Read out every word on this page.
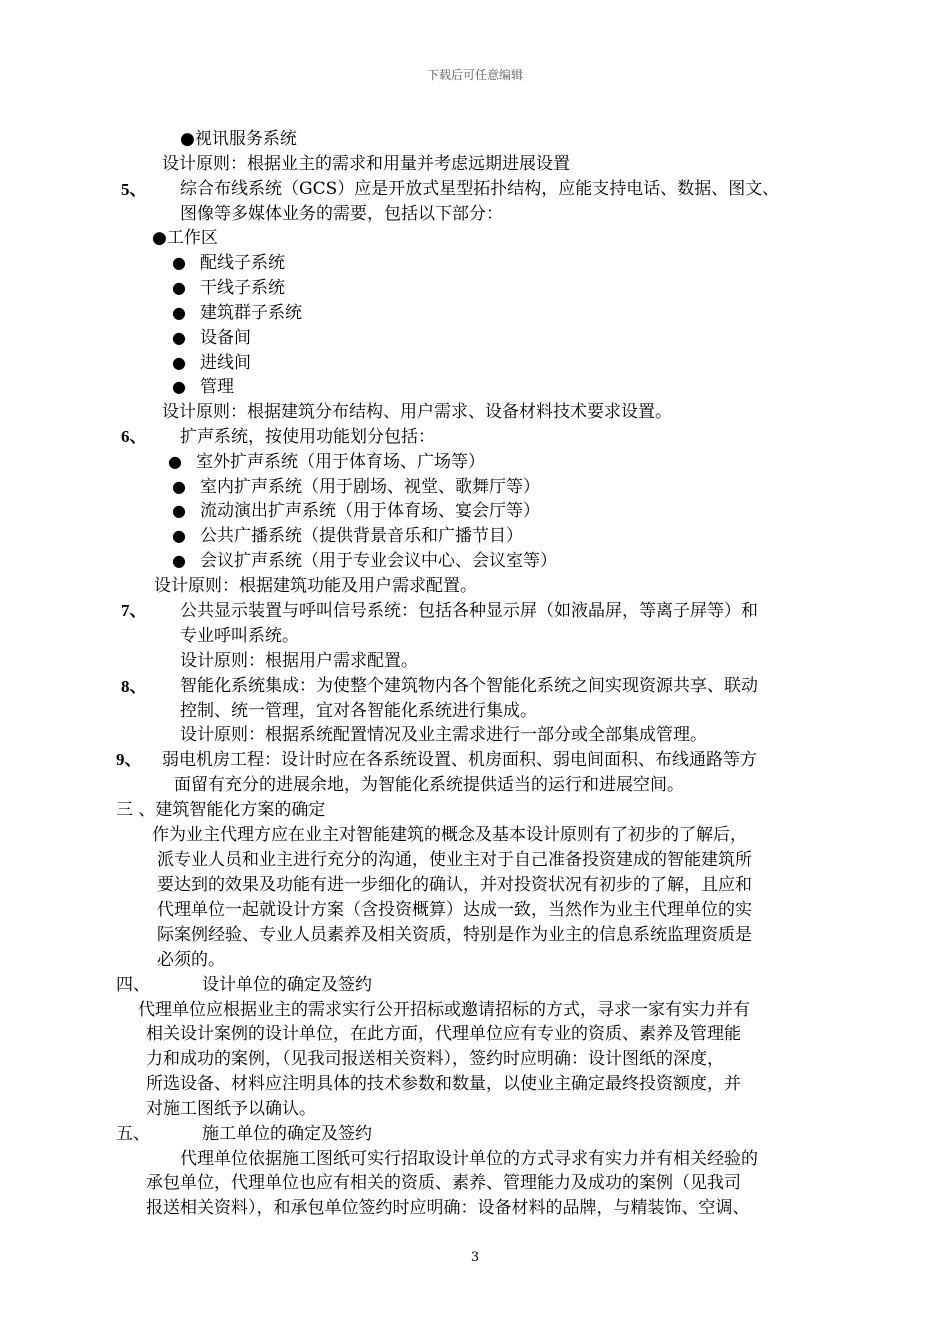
下载后可任意编辑
5、
6、
7、
8、
9、
四、
五、
●
●
●
●
●
●
●
●
●
●
●
●视讯服务系统
设计原则：根据业主的需求和用量并考虑远期进展设置
综合布线系统（GCS）应是开放式星型拓扑结构，应能支持电话、数据、图文、
图像等多媒体业务的需要，包括以下部分：
●工作区
配线子系统
干线子系统
建筑群子系统
设备间
进线间
管理
设计原则：根据建筑分布结构、用户需求、设备材料技术要求设置。
扩声系统，按使用功能划分包括：
室外扩声系统（用于体育场、广场等）
室内扩声系统（用于剧场、视堂、歌舞厅等）
流动演出扩声系统（用于体育场、宴会厅等）
公共广播系统（提供背景音乐和广播节目）
会议扩声系统（用于专业会议中心、会议室等）
设计原则：根据建筑功能及用户需求配置。
公共显示装置与呼叫信号系统：包括各种显示屏（如液晶屏，等离子屏等）和
专业呼叫系统。
设计原则：根据用户需求配置。
智能化系统集成：为使整个建筑物内各个智能化系统之间实现资源共享、联动
控制、统一管理，宜对各智能化系统进行集成。
设计原则：根据系统配置情况及业主需求进行一部分或全部集成管理。
弱电机房工程：设计时应在各系统设置、机房面积、弱电间面积、布线通路等方
面留有充分的进展余地，为智能化系统提供适当的运行和进展空间。
三 、建筑智能化方案的确定
作为业主代理方应在业主对智能建筑的概念及基本设计原则有了初步的了解后，
派专业人员和业主进行充分的沟通，使业主对于自己准备投资建成的智能建筑所
要达到的效果及功能有进一步细化的确认，并对投资状况有初步的了解，且应和
代理单位一起就设计方案（含投资概算）达成一致，当然作为业主代理单位的实
际案例经验、专业人员素养及相关资质，特别是作为业主的信息系统监理资质是
必须的。
设计单位的确定及签约
代理单位应根据业主的需求实行公开招标或邀请招标的方式，寻求一家有实力并有
相关设计案例的设计单位，在此方面，代理单位应有专业的资质、素养及管理能
力和成功的案例，（见我司报送相关资料），签约时应明确：设计图纸的深度，
所选设备、材料应注明具体的技术参数和数量，以使业主确定最终投资额度，并
对施工图纸予以确认。
施工单位的确定及签约
代理单位依据施工图纸可实行招取设计单位的方式寻求有实力并有相关经验的
承包单位，代理单位也应有相关的资质、素养、管理能力及成功的案例（见我司
报送相关资料），和承包单位签约时应明确：设备材料的品牌，与精装饰、空调、
3
